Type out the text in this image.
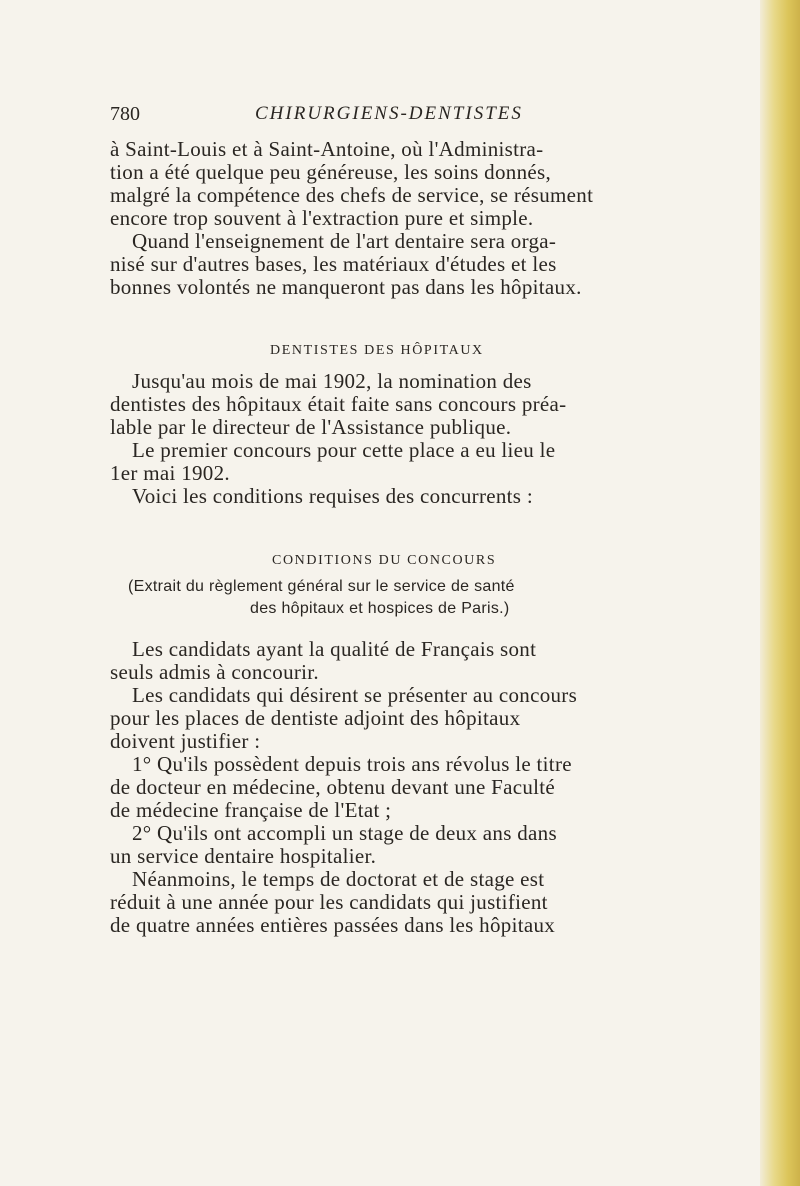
780	CHIRURGIENS-DENTISTES
à Saint-Louis et à Saint-Antoine, où l'Administra-
tion a été quelque peu généreuse, les soins donnés,
malgré la compétence des chefs de service, se résument
encore trop souvent à l'extraction pure et simple.
Quand l'enseignement de l'art dentaire sera orga-
nisé sur d'autres bases, les matériaux d'études et les
bonnes volontés ne manqueront pas dans les hôpitaux.
DENTISTES DES HÔPITAUX
Jusqu'au mois de mai 1902, la nomination des
dentistes des hôpitaux était faite sans concours préa-
lable par le directeur de l'Assistance publique.
Le premier concours pour cette place a eu lieu le
1er mai 1902.
Voici les conditions requises des concurrents :
CONDITIONS DU CONCOURS
(Extrait du règlement général sur le service de santé
des hôpitaux et hospices de Paris.)
Les candidats ayant la qualité de Français sont
seuls admis à concourir.
Les candidats qui désirent se présenter au concours
pour les places de dentiste adjoint des hôpitaux
doivent justifier :
1° Qu'ils possèdent depuis trois ans révolus le titre
de docteur en médecine, obtenu devant une Faculté
de médecine française de l'Etat ;
2° Qu'ils ont accompli un stage de deux ans dans
un service dentaire hospitalier.
Néanmoins, le temps de doctorat et de stage est
réduit à une année pour les candidats qui justifient
de quatre années entières passées dans les hôpitaux
